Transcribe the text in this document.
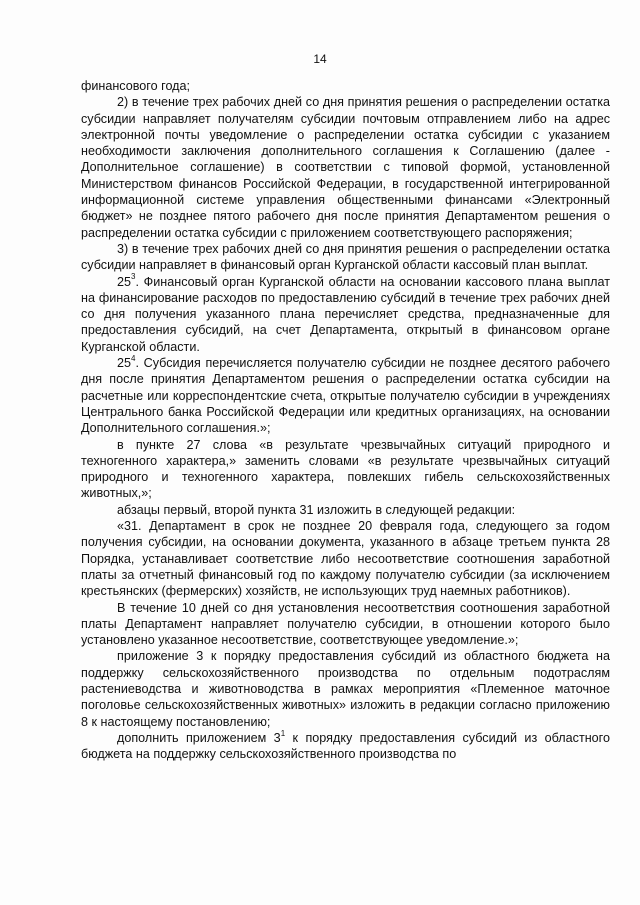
14

финансового года;

2) в течение трех рабочих дней со дня принятия решения о распределении остатка субсидии направляет получателям субсидии почтовым отправлением либо на адрес электронной почты уведомление о распределении остатка субсидии с указанием необходимости заключения дополнительного соглашения к Соглашению (далее - Дополнительное соглашение) в соответствии с типовой формой, установленной Министерством финансов Российской Федерации, в государственной интегрированной информационной системе управления общественными финансами «Электронный бюджет» не позднее пятого рабочего дня после принятия Департаментом решения о распределении остатка субсидии с приложением соответствующего распоряжения;

3) в течение трех рабочих дней со дня принятия решения о распределении остатка субсидии направляет в финансовый орган Курганской области кассовый план выплат.

$25^3$. Финансовый орган Курганской области на основании кассового плана выплат на финансирование расходов по предоставлению субсидий в течение трех рабочих дней со дня получения указанного плана перечисляет средства, предназначенные для предоставления субсидий, на счет Департамента, открытый в финансовом органе Курганской области.

$25^4$. Субсидия перечисляется получателю субсидии не позднее десятого рабочего дня после принятия Департаментом решения о распределении остатка субсидии на расчетные или корреспондентские счета, открытые получателю субсидии в учреждениях Центрального банка Российской Федерации или кредитных организациях, на основании Дополнительного соглашения.»;

в пункте 27 слова «в результате чрезвычайных ситуаций природного и техногенного характера,» заменить словами «в результате чрезвычайных ситуаций природного и техногенного характера, повлекших гибель сельскохозяйственных животных,»;

абзацы первый, второй пункта 31 изложить в следующей редакции:

«31. Департамент в срок не позднее 20 февраля года, следующего за годом получения субсидии, на основании документа, указанного в абзаце третьем пункта 28 Порядка, устанавливает соответствие либо несоответствие соотношения заработной платы за отчетный финансовый год по каждому получателю субсидии (за исключением крестьянских (фермерских) хозяйств, не использующих труд наемных работников).

В течение 10 дней со дня установления несоответствия соотношения заработной платы Департамент направляет получателю субсидии, в отношении которого было установлено указанное несоответствие, соответствующее уведомление.»;

приложение 3 к порядку предоставления субсидий из областного бюджета на поддержку сельскохозяйственного производства по отдельным подотраслям растениеводства и животноводства в рамках мероприятия «Племенное маточное поголовье сельскохозяйственных животных» изложить в редакции согласно приложению 8 к настоящему постановлению;

дополнить приложением $3^1$ к порядку предоставления субсидий из областного бюджета на поддержку сельскохозяйственного производства по
